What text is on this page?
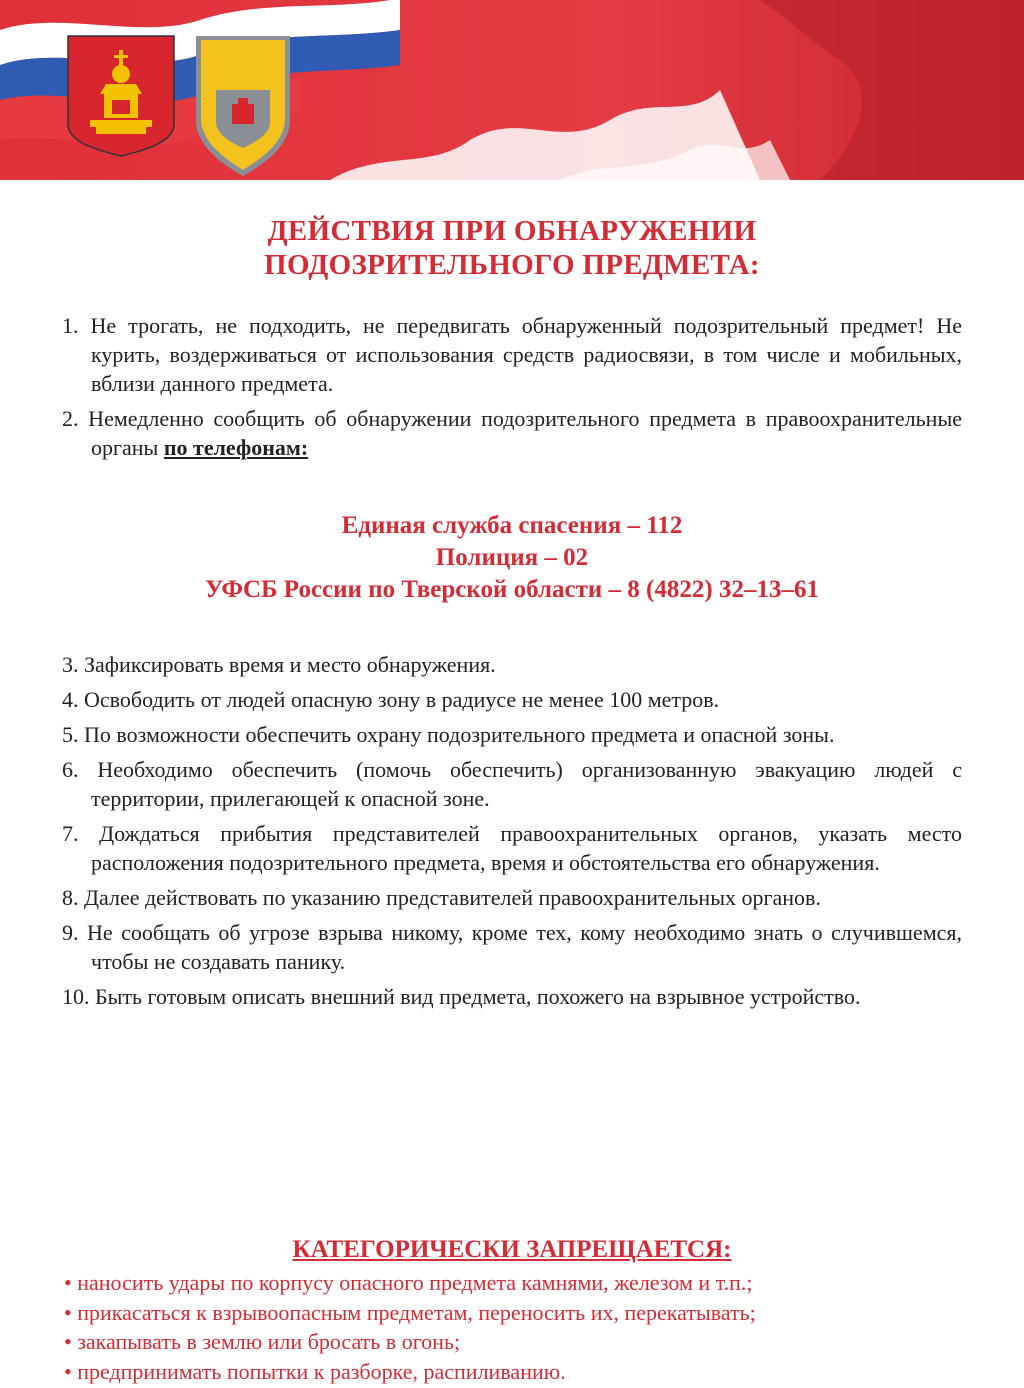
ДЕЙСТВИЯ ПРИ ОБНАРУЖЕНИИ
ПОДОЗРИТЕЛЬНОГО ПРЕДМЕТА:
1. Не трогать, не подходить, не передвигать обнаруженный подозрительный предмет! Не курить, воздерживаться от использования средств радиосвязи, в том числе и мобильных, вблизи данного предмета.
2. Немедленно сообщить об обнаружении подозрительного предмета в правоохранительные органы по телефонам:
Единая служба спасения – 112
Полиция – 02
УФСБ России по Тверской области – 8 (4822) 32–13–61
3. Зафиксировать время и место обнаружения.
4. Освободить от людей опасную зону в радиусе не менее 100 метров.
5. По возможности обеспечить охрану подозрительного предмета и опасной зоны.
6. Необходимо обеспечить (помочь обеспечить) организованную эвакуацию людей с территории, прилегающей к опасной зоне.
7. Дождаться прибытия представителей правоохранительных органов, указать место расположения подозрительного предмета, время и обстоятельства его обнаружения.
8. Далее действовать по указанию представителей правоохранительных органов.
9. Не сообщать об угрозе взрыва никому, кроме тех, кому необходимо знать о случившемся, чтобы не создавать панику.
10. Быть готовым описать внешний вид предмета, похожего на взрывное устройство.
КАТЕГОРИЧЕСКИ ЗАПРЕЩАЕТСЯ:
• наносить удары по корпусу опасного предмета камнями, железом и т.п.;
• прикасаться к взрывоопасным предметам, переносить их, перекатывать;
• закапывать в землю или бросать в огонь;
• предпринимать попытки к разборке, распиливанию.
